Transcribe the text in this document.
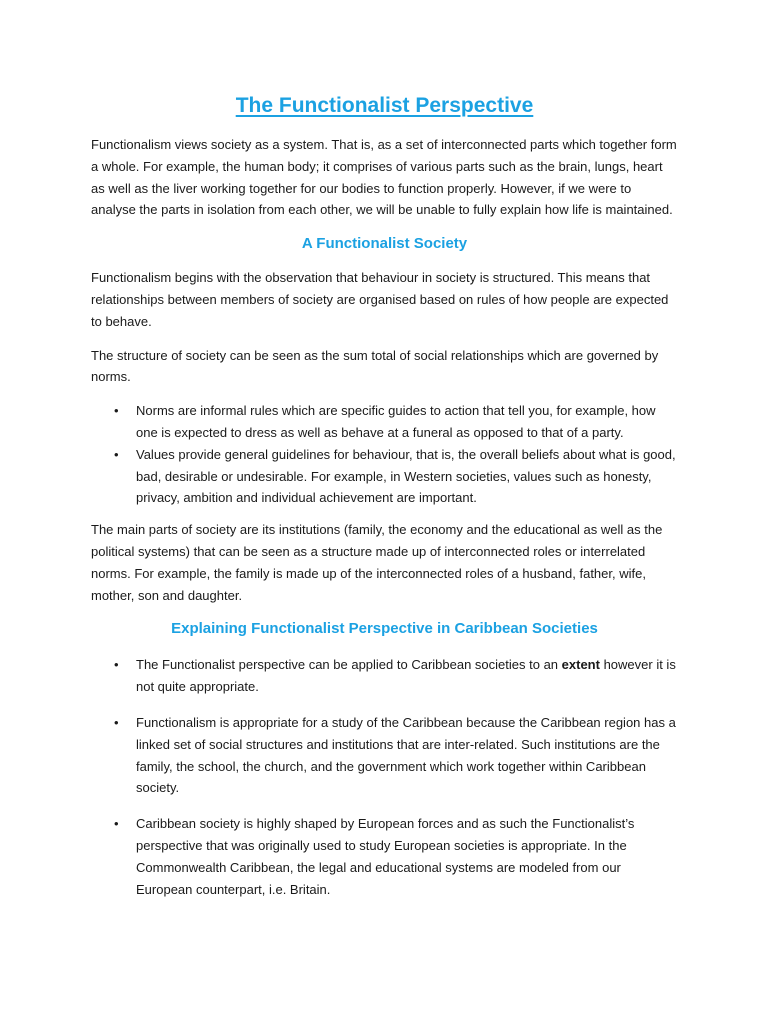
The Functionalist Perspective

Functionalism views society as a system. That is, as a set of interconnected parts which together form a whole. For example, the human body; it comprises of various parts such as the brain, lungs, heart as well as the liver working together for our bodies to function properly. However, if we were to analyse the parts in isolation from each other, we will be unable to fully explain how life is maintained.

A Functionalist Society

Functionalism begins with the observation that behaviour in society is structured. This means that relationships between members of society are organised based on rules of how people are expected to behave.

The structure of society can be seen as the sum total of social relationships which are governed by norms.

• Norms are informal rules which are specific guides to action that tell you, for example, how one is expected to dress as well as behave at a funeral as opposed to that of a party.
• Values provide general guidelines for behaviour, that is, the overall beliefs about what is good, bad, desirable or undesirable. For example, in Western societies, values such as honesty, privacy, ambition and individual achievement are important.

The main parts of society are its institutions (family, the economy and the educational as well as the political systems) that can be seen as a structure made up of interconnected roles or interrelated norms. For example, the family is made up of the interconnected roles of a husband, father, wife, mother, son and daughter.

Explaining Functionalist Perspective in Caribbean Societies
• The Functionalist perspective can be applied to Caribbean societies to an extent however it is not quite appropriate.
• Functionalism is appropriate for a study of the Caribbean because the Caribbean region has a linked set of social structures and institutions that are inter-related. Such institutions are the family, the school, the church, and the government which work together within Caribbean society.
• Caribbean society is highly shaped by European forces and as such the Functionalist’s perspective that was originally used to study European societies is appropriate. In the Commonwealth Caribbean, the legal and educational systems are modeled from our European counterpart, i.e. Britain.
